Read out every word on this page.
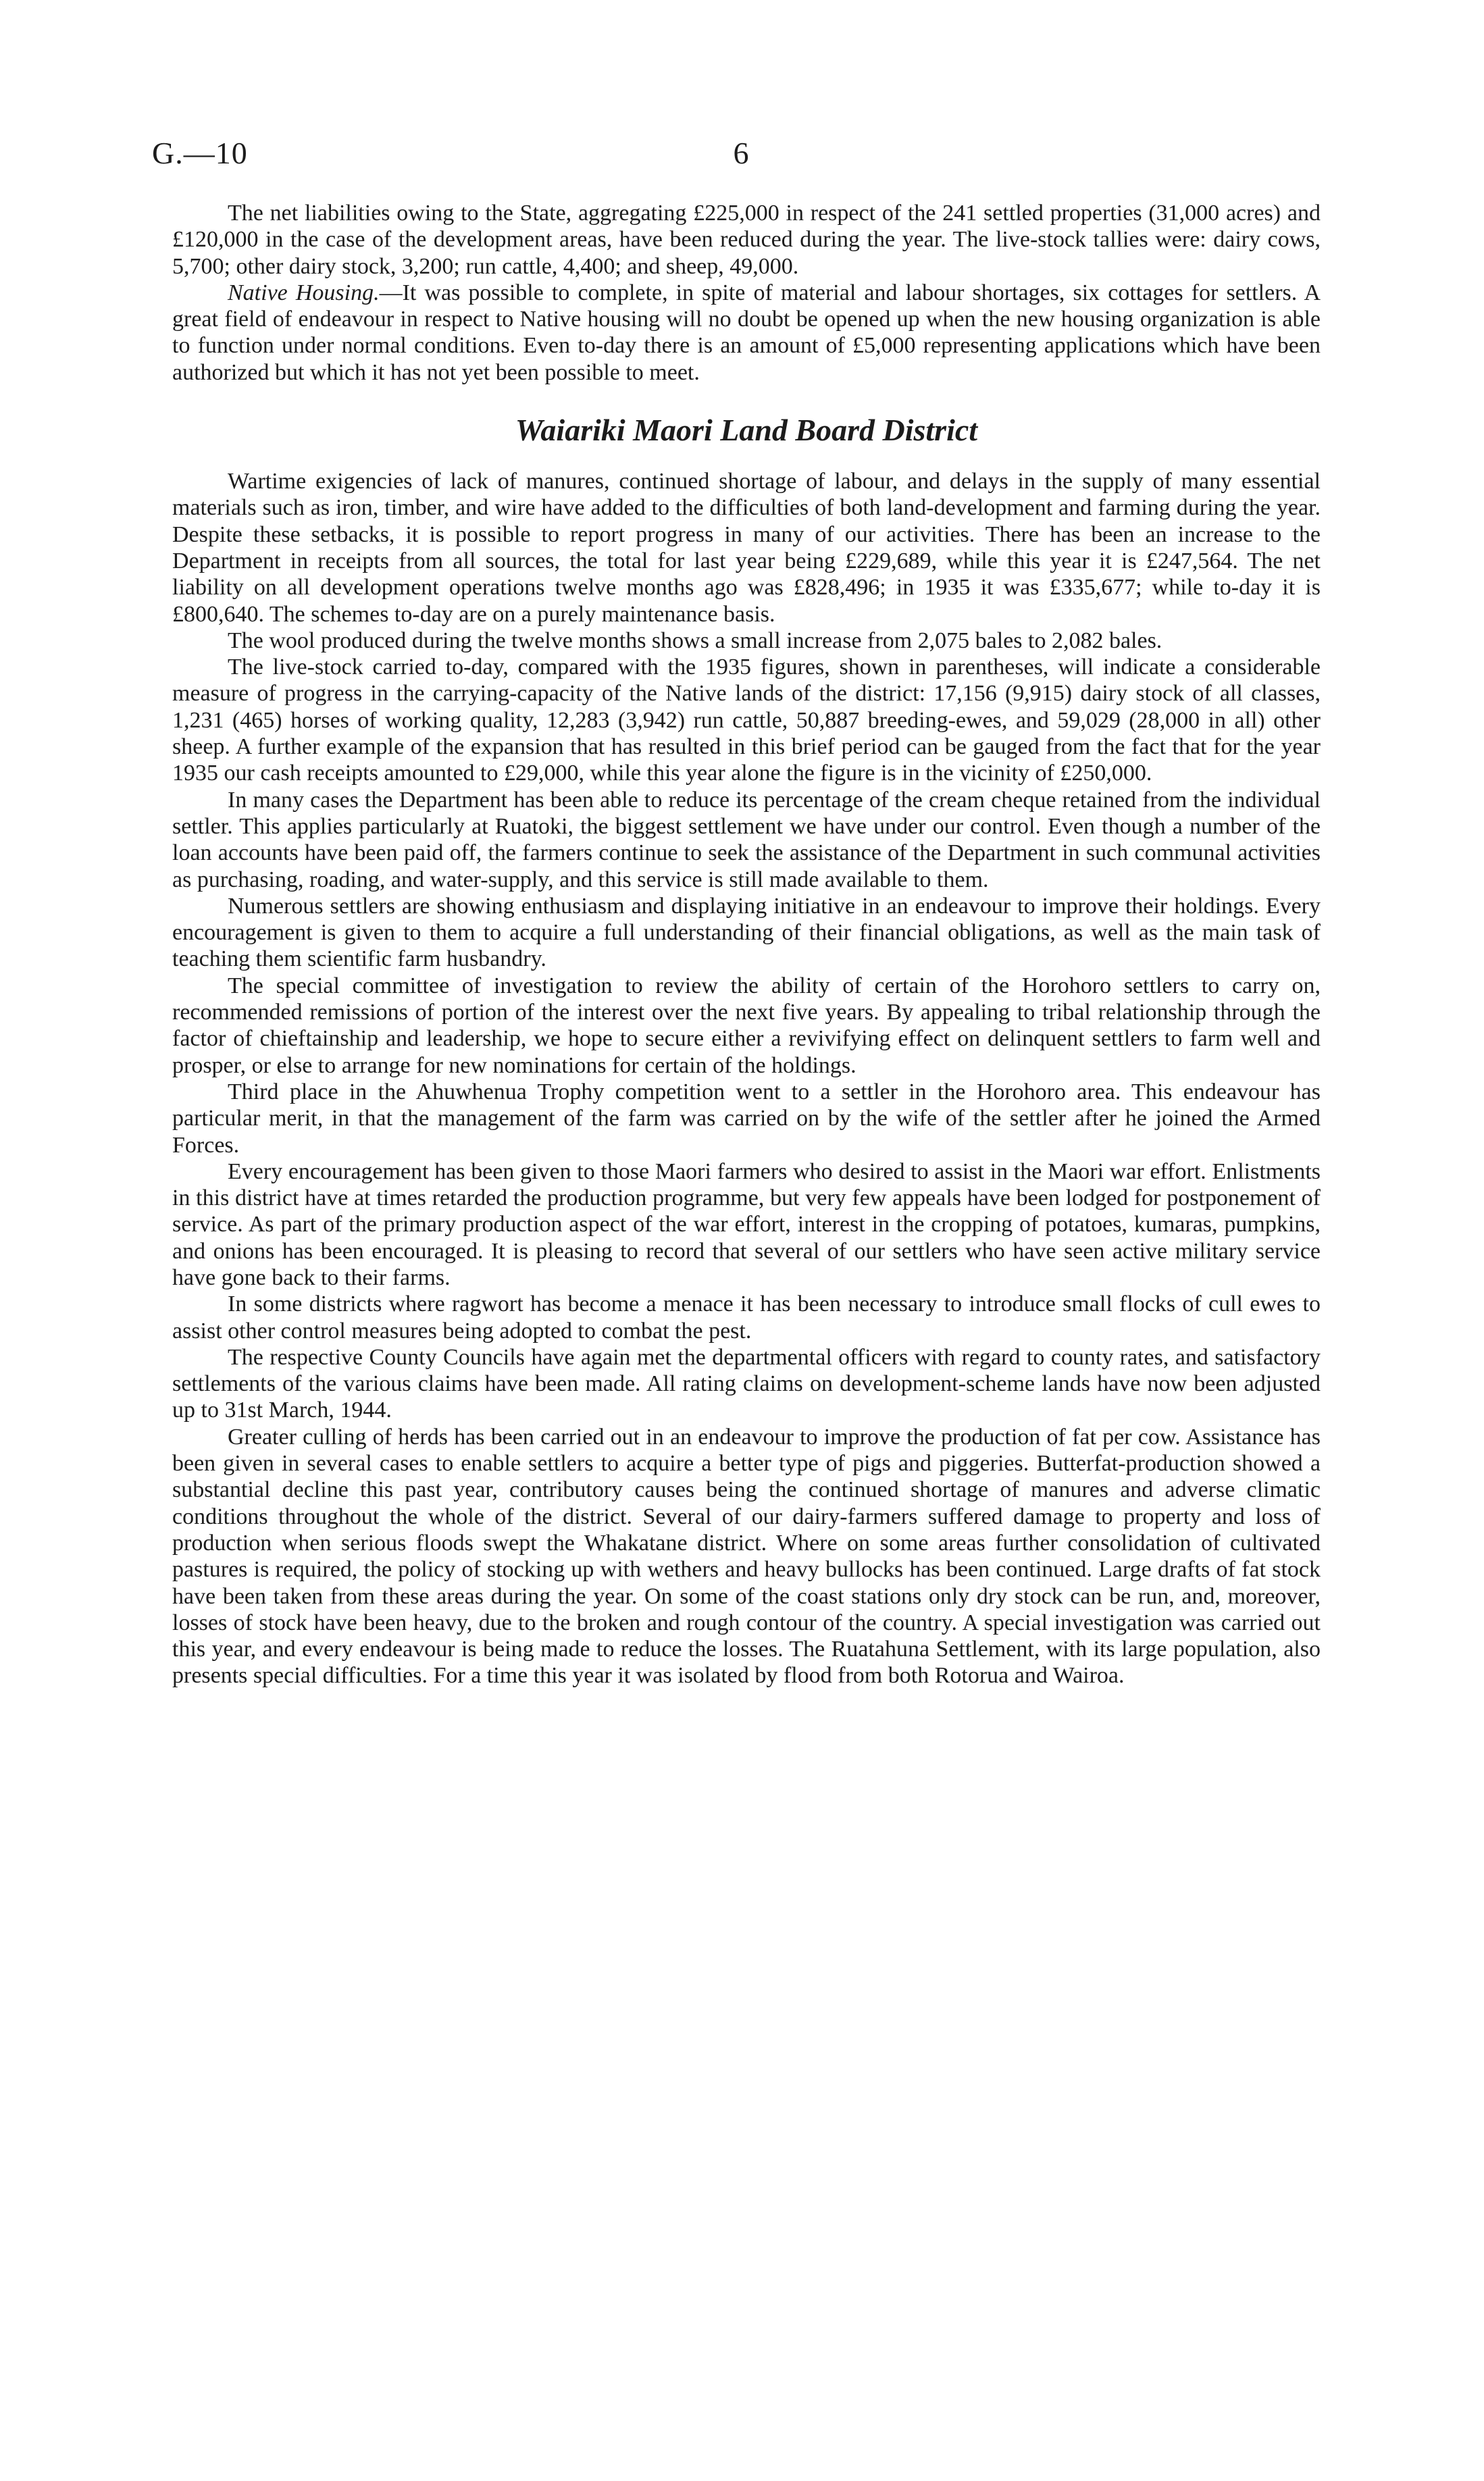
G.—10	6

The net liabilities owing to the State, aggregating £225,000 in respect of the 241 settled properties (31,000 acres) and £120,000 in the case of the development areas, have been reduced during the year. The live-stock tallies were: dairy cows, 5,700; other dairy stock, 3,200; run cattle, 4,400; and sheep, 49,000.

Native Housing.—It was possible to complete, in spite of material and labour shortages, six cottages for settlers. A great field of endeavour in respect to Native housing will no doubt be opened up when the new housing organization is able to function under normal conditions. Even to-day there is an amount of £5,000 representing applications which have been authorized but which it has not yet been possible to meet.

Waiariki Maori Land Board District

Wartime exigencies of lack of manures, continued shortage of labour, and delays in the supply of many essential materials such as iron, timber, and wire have added to the difficulties of both land-development and farming during the year. Despite these setbacks, it is possible to report progress in many of our activities. There has been an increase to the Department in receipts from all sources, the total for last year being £229,689, while this year it is £247,564. The net liability on all development operations twelve months ago was £828,496; in 1935 it was £335,677; while to-day it is £800,640. The schemes to-day are on a purely maintenance basis.

The wool produced during the twelve months shows a small increase from 2,075 bales to 2,082 bales.

The live-stock carried to-day, compared with the 1935 figures, shown in parentheses, will indicate a considerable measure of progress in the carrying-capacity of the Native lands of the district: 17,156 (9,915) dairy stock of all classes, 1,231 (465) horses of working quality, 12,283 (3,942) run cattle, 50,887 breeding-ewes, and 59,029 (28,000 in all) other sheep. A further example of the expansion that has resulted in this brief period can be gauged from the fact that for the year 1935 our cash receipts amounted to £29,000, while this year alone the figure is in the vicinity of £250,000.

In many cases the Department has been able to reduce its percentage of the cream cheque retained from the individual settler. This applies particularly at Ruatoki, the biggest settlement we have under our control. Even though a number of the loan accounts have been paid off, the farmers continue to seek the assistance of the Department in such communal activities as purchasing, roading, and water-supply, and this service is still made available to them.

Numerous settlers are showing enthusiasm and displaying initiative in an endeavour to improve their holdings. Every encouragement is given to them to acquire a full understanding of their financial obligations, as well as the main task of teaching them scientific farm husbandry.

The special committee of investigation to review the ability of certain of the Horohoro settlers to carry on, recommended remissions of portion of the interest over the next five years. By appealing to tribal relationship through the factor of chieftainship and leadership, we hope to secure either a revivifying effect on delinquent settlers to farm well and prosper, or else to arrange for new nominations for certain of the holdings.

Third place in the Ahuwhenua Trophy competition went to a settler in the Horohoro area. This endeavour has particular merit, in that the management of the farm was carried on by the wife of the settler after he joined the Armed Forces.

Every encouragement has been given to those Maori farmers who desired to assist in the Maori war effort. Enlistments in this district have at times retarded the production programme, but very few appeals have been lodged for postponement of service. As part of the primary production aspect of the war effort, interest in the cropping of potatoes, kumaras, pumpkins, and onions has been encouraged. It is pleasing to record that several of our settlers who have seen active military service have gone back to their farms.

In some districts where ragwort has become a menace it has been necessary to introduce small flocks of cull ewes to assist other control measures being adopted to combat the pest.

The respective County Councils have again met the departmental officers with regard to county rates, and satisfactory settlements of the various claims have been made. All rating claims on development-scheme lands have now been adjusted up to 31st March, 1944.

Greater culling of herds has been carried out in an endeavour to improve the production of fat per cow. Assistance has been given in several cases to enable settlers to acquire a better type of pigs and piggeries. Butterfat-production showed a substantial decline this past year, contributory causes being the continued shortage of manures and adverse climatic conditions throughout the whole of the district. Several of our dairy-farmers suffered damage to property and loss of production when serious floods swept the Whakatane district. Where on some areas further consolidation of cultivated pastures is required, the policy of stocking up with wethers and heavy bullocks has been continued. Large drafts of fat stock have been taken from these areas during the year. On some of the coast stations only dry stock can be run, and, moreover, losses of stock have been heavy, due to the broken and rough contour of the country. A special investigation was carried out this year, and every endeavour is being made to reduce the losses. The Ruatahuna Settlement, with its large population, also presents special difficulties. For a time this year it was isolated by flood from both Rotorua and Wairoa.
